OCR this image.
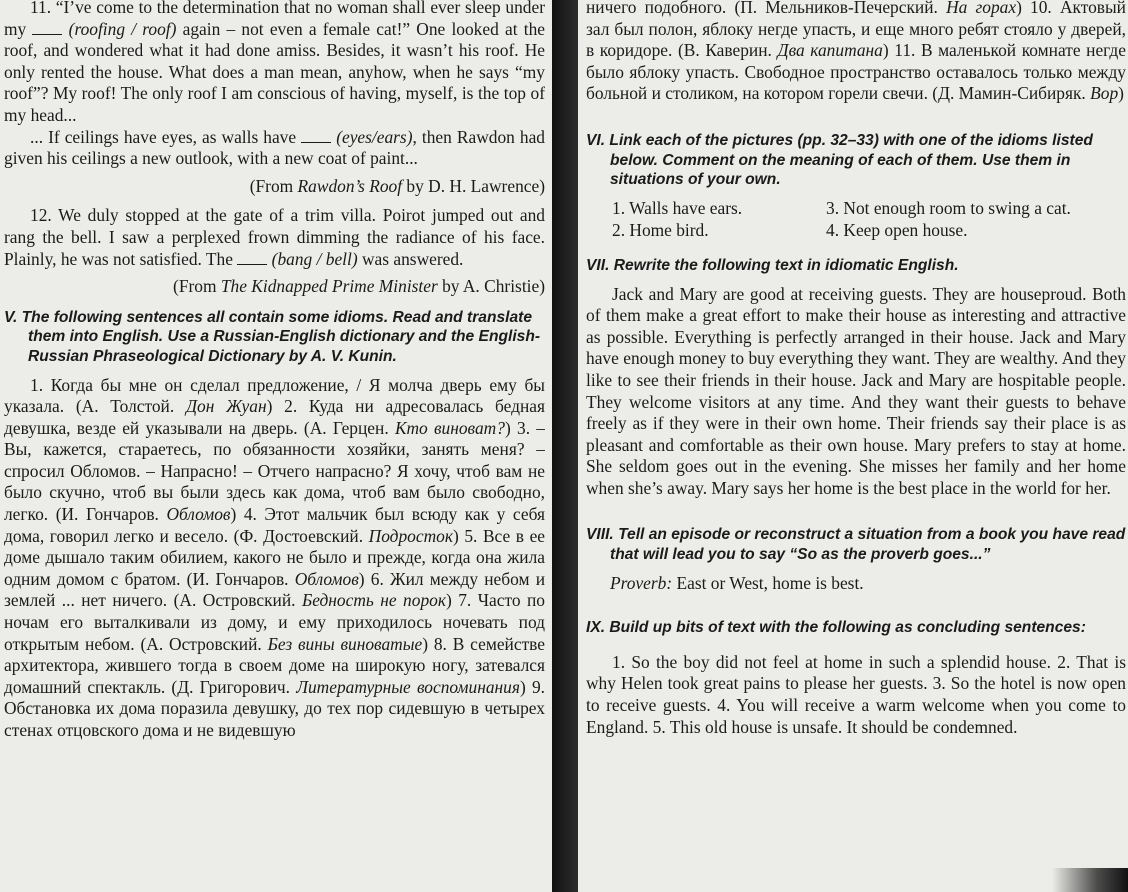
11. “I’ve come to the determination that no woman shall ever sleep under my (roofing / roof) again – not even a female cat!” One looked at the roof, and wondered what it had done amiss. Besides, it wasn’t his roof. He only rented the house. What does a man mean, anyhow, when he says “my roof”? My roof! The only roof I am conscious of having, myself, is the top of my head...

... If ceilings have eyes, as walls have (eyes/ears), then Rawdon had given his ceilings a new outlook, with a new coat of paint...

(From Rawdon’s Roof by D. H. Lawrence)

12. We duly stopped at the gate of a trim villa. Poirot jumped out and rang the bell. I saw a perplexed frown dimming the radiance of his face. Plainly, he was not satisfied. The (bang / bell) was answered.

(From The Kidnapped Prime Minister by A. Christie)

V. The following sentences all contain some idioms. Read and translate them into English. Use a Russian-English dictionary and the English-Russian Phraseological Dictionary by A. V. Kunin.

1. Когда бы мне он сделал предложение, / Я молча дверь ему бы указала. (А. Толстой. Дон Жуан) 2. Куда ни адресовалась бедная девушка, везде ей указывали на дверь. (А. Герцен. Кто виноват?) 3. – Вы, кажется, стараетесь, по обязанности хозяйки, занять меня? – спросил Обломов. – Напрасно! – Отчего напрасно? Я хочу, чтоб вам не было скучно, чтоб вы были здесь как дома, чтоб вам было свободно, легко. (И. Гончаров. Обломов) 4. Этот мальчик был всюду как у себя дома, говорил легко и весело. (Ф. Достоевский. Подросток) 5. Все в ее доме дышало таким обилием, какого не было и прежде, когда она жила одним домом с братом. (И. Гончаров. Обломов) 6. Жил между небом и землей ... нет ничего. (А. Островский. Бедность не порок) 7. Часто по ночам его выталкивали из дому, и ему приходилось ночевать под открытым небом. (А. Островский. Без вины виноватые) 8. В семействе архитектора, жившего тогда в своем доме на широкую ногу, затевался домашний спектакль. (Д. Григорович. Литературные воспоминания) 9. Обстановка их дома поразила девушку, до тех пор сидевшую в четырех стенах отцовского дома и не видевшую

ничего подобного. (П. Мельников-Печерский. На горах) 10. Актовый зал был полон, яблоку негде упасть, и еще много ребят стояло у дверей, в коридоре. (В. Каверин. Два капитана) 11. В маленькой комнате негде было яблоку упасть. Свободное пространство оставалось только между больной и столиком, на котором горели свечи. (Д. Мамин-Сибиряк. Вор)

VI. Link each of the pictures (pp. 32–33) with one of the idioms listed below. Comment on the meaning of each of them. Use them in situations of your own.
1. Walls have ears.	3. Not enough room to swing a cat.
2. Home bird.	4. Keep open house.
VII. Rewrite the following text in idiomatic English.

Jack and Mary are good at receiving guests. They are houseproud. Both of them make a great effort to make their house as interesting and attractive as possible. Everything is perfectly arranged in their house. Jack and Mary have enough money to buy everything they want. They are wealthy. And they like to see their friends in their house. Jack and Mary are hospitable people. They welcome visitors at any time. And they want their guests to behave freely as if they were in their own home. Their friends say their place is as pleasant and comfortable as their own house. Mary prefers to stay at home. She seldom goes out in the evening. She misses her family and her home when she’s away. Mary says her home is the best place in the world for her.

VIII. Tell an episode or reconstruct a situation from a book you have read that will lead you to say “So as the proverb goes...”

Proverb: East or West, home is best.

IX. Build up bits of text with the following as concluding sentences:

1. So the boy did not feel at home in such a splendid house. 2. That is why Helen took great pains to please her guests. 3. So the hotel is now open to receive guests. 4. You will receive a warm welcome when you come to England. 5. This old house is unsafe. It should be condemned.
